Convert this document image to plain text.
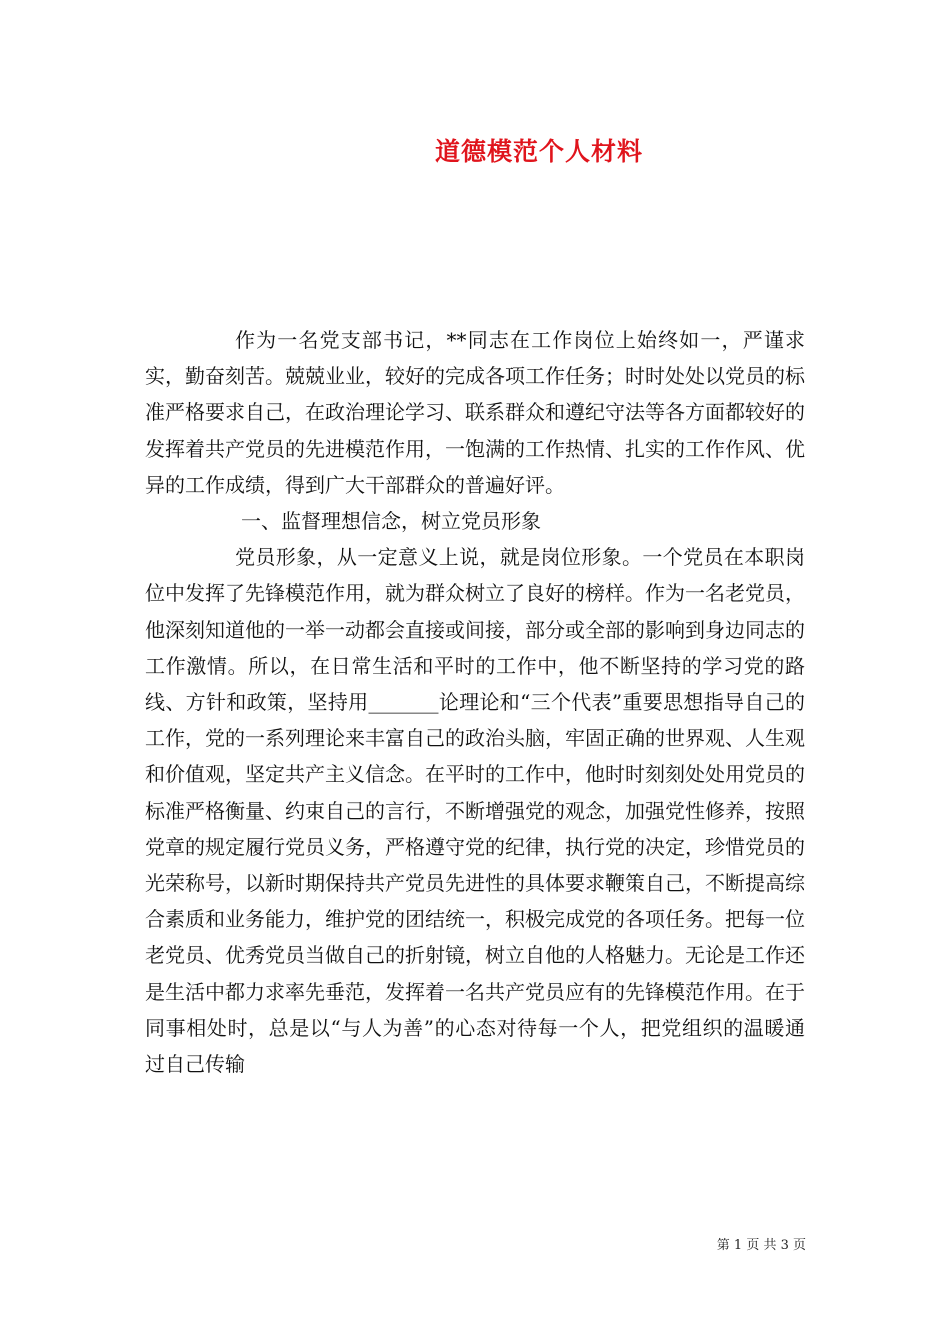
道德模范个人材料

作为一名党支部书记，**同志在工作岗位上始终如一，严谨求实，勤奋刻苦。兢兢业业，较好的完成各项工作任务；时时处处以党员的标准严格要求自己，在政治理论学习、联系群众和遵纪守法等各方面都较好的发挥着共产党员的先进模范作用，一饱满的工作热情、扎实的工作作风、优异的工作成绩，得到广大干部群众的普遍好评。

一、监督理想信念，树立党员形象

党员形象，从一定意义上说，就是岗位形象。一个党员在本职岗位中发挥了先锋模范作用，就为群众树立了良好的榜样。作为一名老党员，他深刻知道他的一举一动都会直接或间接，部分或全部的影响到身边同志的工作激情。所以，在日常生活和平时的工作中，他不断坚持的学习党的路线、方针和政策，坚持用_______论理论和“三个代表”重要思想指导自己的工作，党的一系列理论来丰富自己的政治头脑，牢固正确的世界观、人生观和价值观，坚定共产主义信念。在平时的工作中，他时时刻刻处处用党员的标准严格衡量、约束自己的言行，不断增强党的观念，加强党性修养，按照党章的规定履行党员义务，严格遵守党的纪律，执行党的决定，珍惜党员的光荣称号，以新时期保持共产党员先进性的具体要求鞭策自己，不断提高综合素质和业务能力，维护党的团结统一，积极完成党的各项任务。把每一位老党员、优秀党员当做自己的折射镜，树立自他的人格魅力。无论是工作还是生活中都力求率先垂范，发挥着一名共产党员应有的先锋模范作用。在于同事相处时，总是以“与人为善”的心态对待每一个人，把党组织的温暖通过自己传输

第 1 页 共 3 页
